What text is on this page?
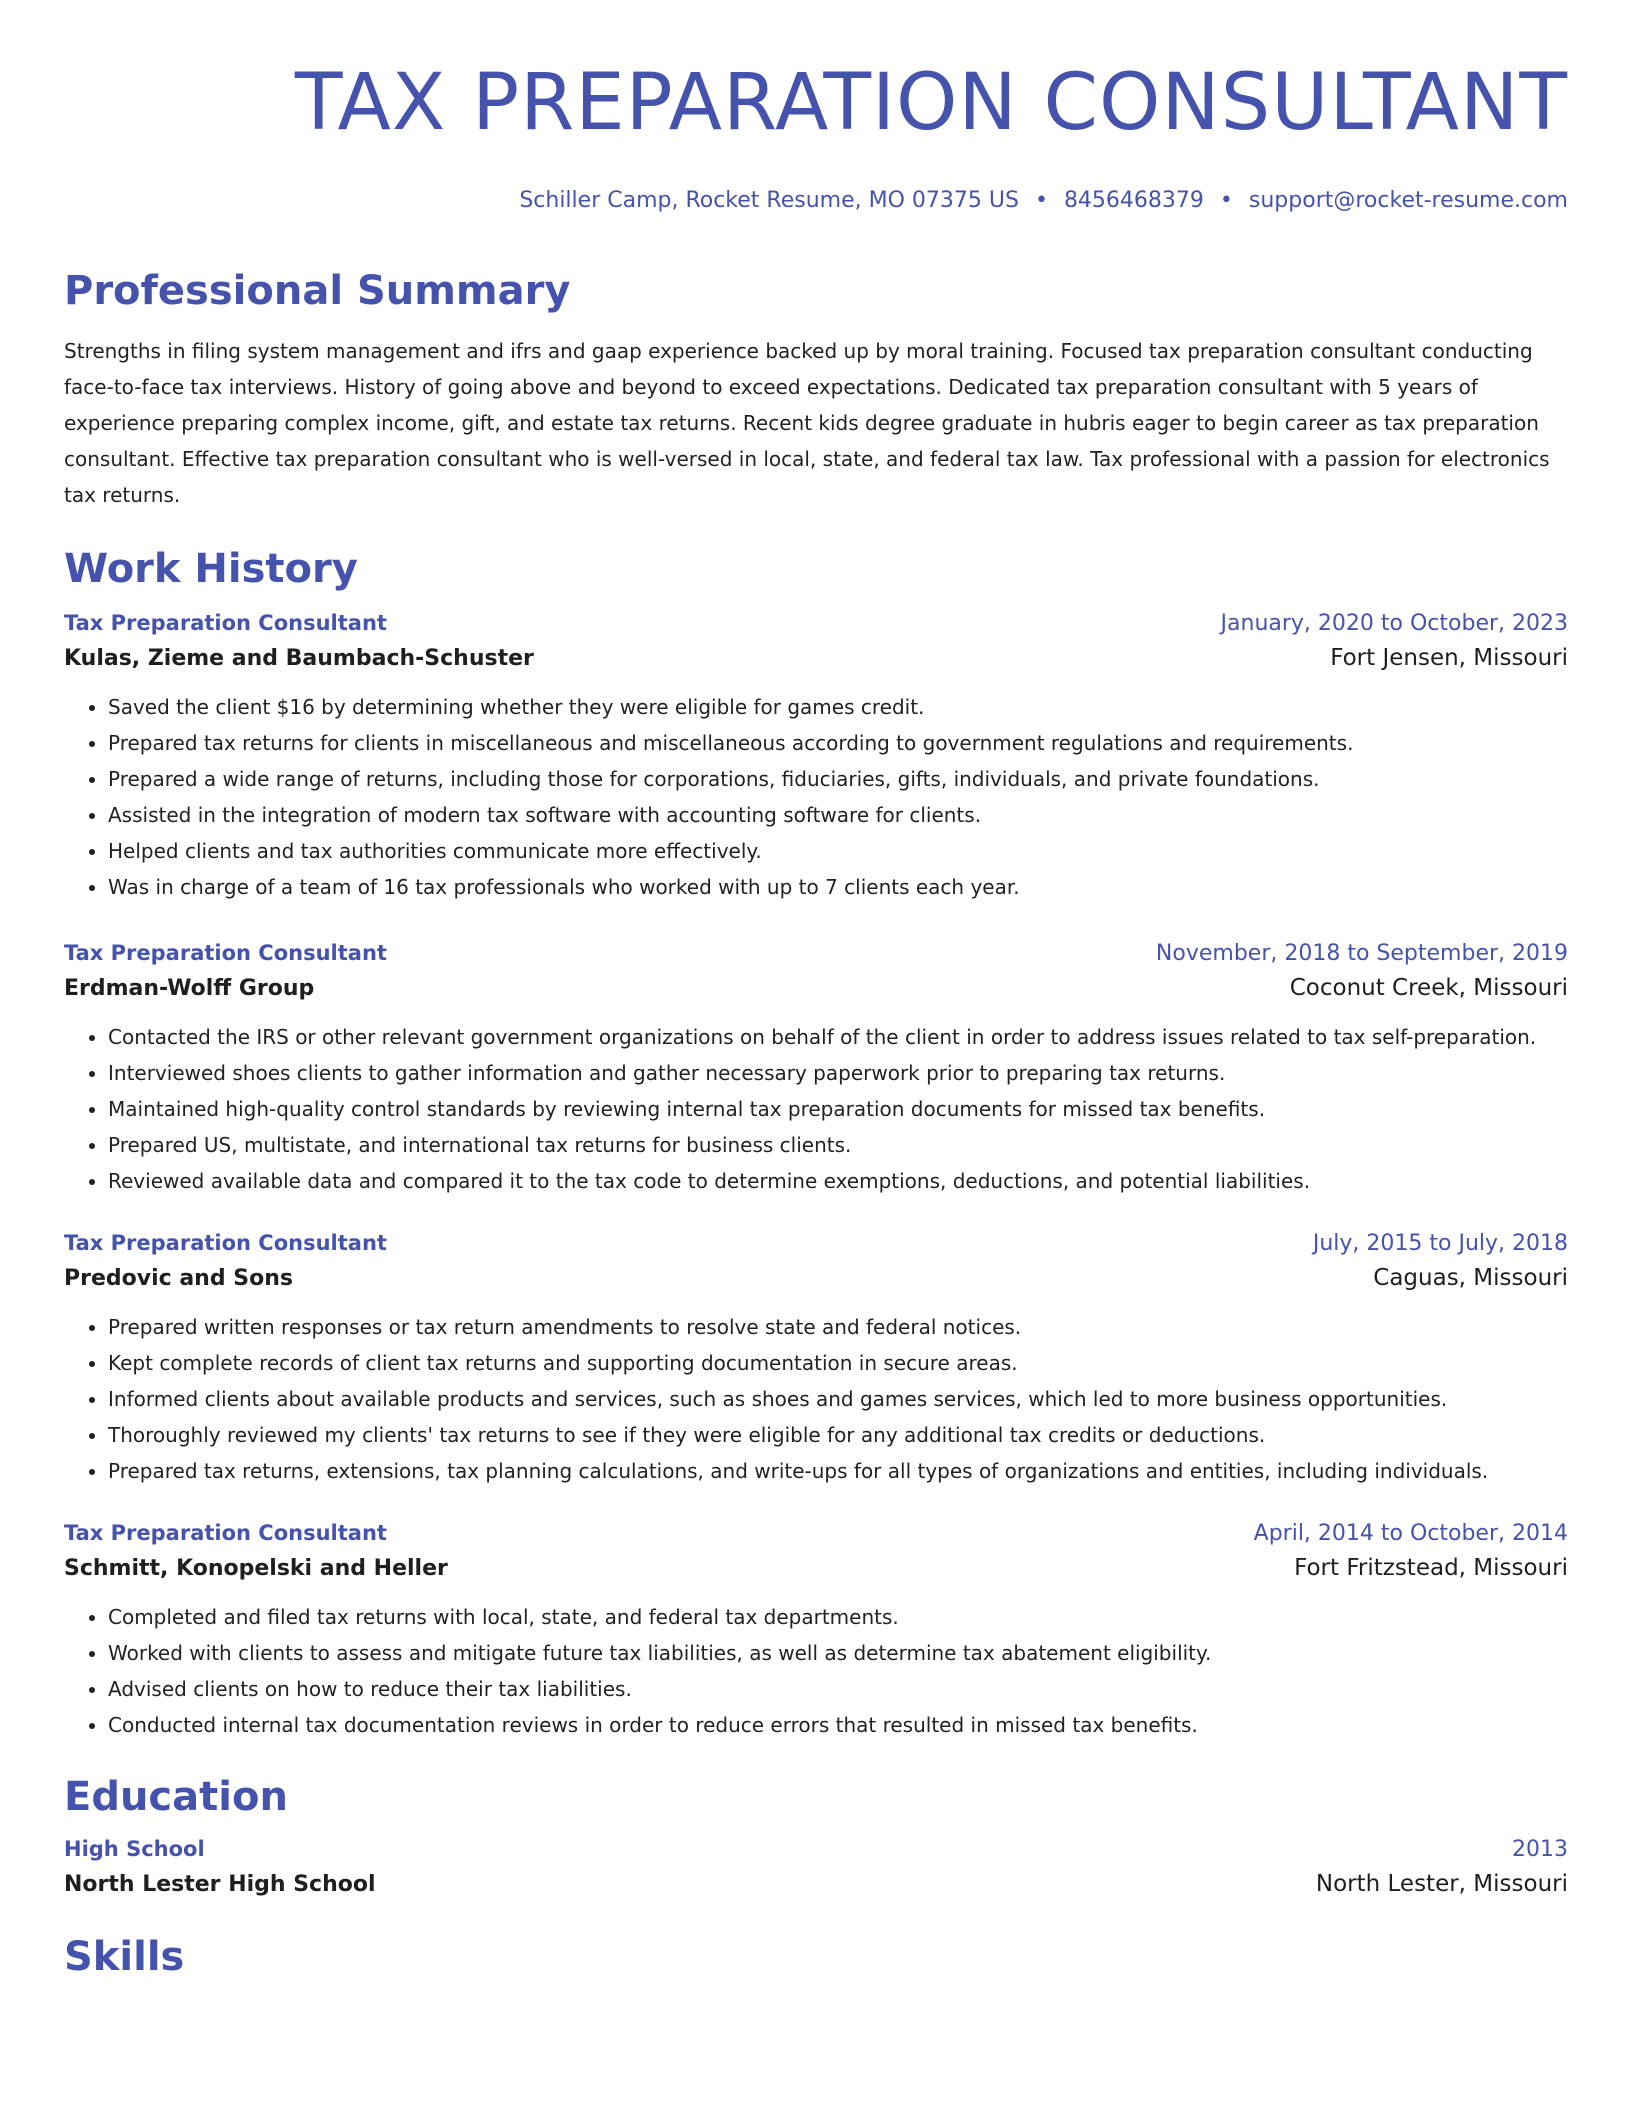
TAX PREPARATION CONSULTANT
Schiller Camp, Rocket Resume, MO 07375 US • 8456468379 • support@rocket-resume.com
Professional Summary
Strengths in filing system management and ifrs and gaap experience backed up by moral training. Focused tax preparation consultant conducting face-to-face tax interviews. History of going above and beyond to exceed expectations. Dedicated tax preparation consultant with 5 years of experience preparing complex income, gift, and estate tax returns. Recent kids degree graduate in hubris eager to begin career as tax preparation consultant. Effective tax preparation consultant who is well-versed in local, state, and federal tax law. Tax professional with a passion for electronics tax returns.
Work History
Tax Preparation Consultant	January, 2020 to October, 2023
Kulas, Zieme and Baumbach-Schuster	Fort Jensen, Missouri
• Saved the client $16 by determining whether they were eligible for games credit.
• Prepared tax returns for clients in miscellaneous and miscellaneous according to government regulations and requirements.
• Prepared a wide range of returns, including those for corporations, fiduciaries, gifts, individuals, and private foundations.
• Assisted in the integration of modern tax software with accounting software for clients.
• Helped clients and tax authorities communicate more effectively.
• Was in charge of a team of 16 tax professionals who worked with up to 7 clients each year.
Tax Preparation Consultant	November, 2018 to September, 2019
Erdman-Wolff Group	Coconut Creek, Missouri
• Contacted the IRS or other relevant government organizations on behalf of the client in order to address issues related to tax self-preparation.
• Interviewed shoes clients to gather information and gather necessary paperwork prior to preparing tax returns.
• Maintained high-quality control standards by reviewing internal tax preparation documents for missed tax benefits.
• Prepared US, multistate, and international tax returns for business clients.
• Reviewed available data and compared it to the tax code to determine exemptions, deductions, and potential liabilities.
Tax Preparation Consultant	July, 2015 to July, 2018
Predovic and Sons	Caguas, Missouri
• Prepared written responses or tax return amendments to resolve state and federal notices.
• Kept complete records of client tax returns and supporting documentation in secure areas.
• Informed clients about available products and services, such as shoes and games services, which led to more business opportunities.
• Thoroughly reviewed my clients' tax returns to see if they were eligible for any additional tax credits or deductions.
• Prepared tax returns, extensions, tax planning calculations, and write-ups for all types of organizations and entities, including individuals.
Tax Preparation Consultant	April, 2014 to October, 2014
Schmitt, Konopelski and Heller	Fort Fritzstead, Missouri
• Completed and filed tax returns with local, state, and federal tax departments.
• Worked with clients to assess and mitigate future tax liabilities, as well as determine tax abatement eligibility.
• Advised clients on how to reduce their tax liabilities.
• Conducted internal tax documentation reviews in order to reduce errors that resulted in missed tax benefits.
Education
High School	2013
North Lester High School	North Lester, Missouri
Skills
